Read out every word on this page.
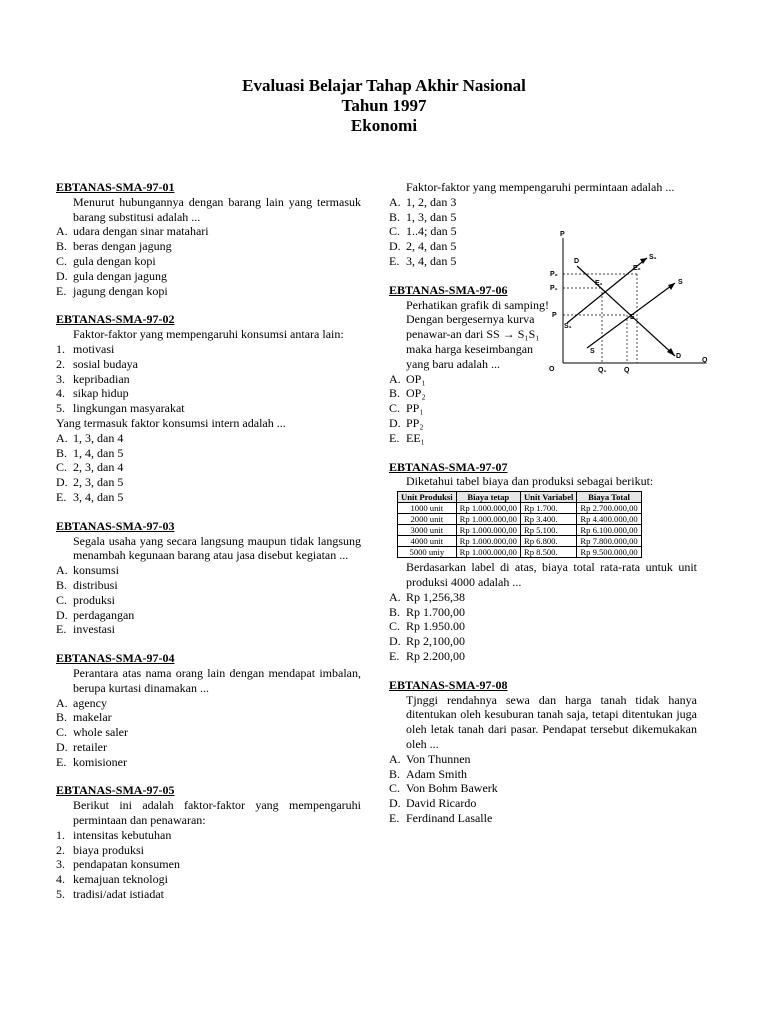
Evaluasi Belajar Tahap Akhir Nasional
Tahun 1997
Ekonomi
EBTANAS-SMA-97-01
Menurut hubungannya dengan barang lain yang termasuk barang substitusi adalah ...
A. udara dengan sinar matahari
B. beras dengan jagung
C. gula dengan kopi
D. gula dengan jagung
E. jagung dengan kopi
EBTANAS-SMA-97-02
Faktor-faktor yang mempengaruhi konsumsi antara lain:
1. motivasi
2. sosial budaya
3. kepribadian
4. sikap hidup
5. lingkungan masyarakat
Yang termasuk faktor konsumsi intern adalah ...
A. 1, 3, dan 4
B. 1, 4, dan 5
C. 2, 3, dan 4
D. 2, 3, dan 5
E. 3, 4, dan 5
EBTANAS-SMA-97-03
Segala usaha yang secara langsung maupun tidak langsung menambah kegunaan barang atau jasa disebut kegiatan ...
A. konsumsi
B. distribusi
C. produksi
D. perdagangan
E. investasi
EBTANAS-SMA-97-04
Perantara atas nama orang lain dengan mendapat imbalan, berupa kurtasi dinamakan ...
A. agency
B. makelar
C. whole saler
D. retailer
E. komisioner
EBTANAS-SMA-97-05
Berikut ini adalah faktor-faktor yang mempengaruhi permintaan dan penawaran:
1. intensitas kebutuhan
2. biaya produksi
3. pendapatan konsumen
4. kemajuan teknologi
5. tradisi/adat istiadat
Faktor-faktor yang mempengaruhi permintaan adalah ...
A. 1, 2, dan 3
B. 1, 3, dan 5
C. 1..4; dan 5
D. 2, 4, dan 5
E. 3, 4, dan 5
EBTANAS-SMA-97-06
Perhatikan grafik di samping!
Dengan bergesernya kurva penawar-an dari SS → S₁S₁ maka harga keseimbangan yang baru adalah ...
A. OP₁
B. OP₂
C. PP₁
D. PP₂
E. EE₁
P
Q
O
P₂
P₁
P
Q₁	Q
D
D
S
S
S₁
S₁
E
E₁
E₂
EBTANAS-SMA-97-07
Diketahui tabel biaya dan produksi sebagai berikut:
Unit Produksi	Biaya tetap	Unit Variabel	Biaya Total
1000 unit	Rp 1.000.000,00	Rp 1.700.	Rp 2.700.000,00
2000 unit	Rp 1.000.000,00	Rp 3.400.	Rp 4.400.000,00
3000 unit	Rp 1.000.000,00	Rp 5.100.	Rp 6.100.000,00
4000 unit	Rp 1.000.000,00	Rp 6.800.	Rp 7.800.000,00
5000 uniy	Rp 1.000.000,00	Rp 8.500.	Rp 9.500.000,00
Berdasarkan label di atas, biaya total rata-rata untuk unit produksi 4000 adalah ...
A. Rp 1,256,38
B. Rp 1.700,00
C. Rp 1.950.00
D. Rp 2,100,00
E. Rp 2.200,00
EBTANAS-SMA-97-08
Tjnggi rendahnya sewa dan harga tanah tidak hanya ditentukan oleh kesuburan tanah saja, tetapi ditentukan juga oleh letak tanah dari pasar. Pendapat tersebut dikemukakan oleh ...
A. Von Thunnen
B. Adam Smith
C. Von Bohm Bawerk
D. David Ricardo
E. Ferdinand Lasalle
